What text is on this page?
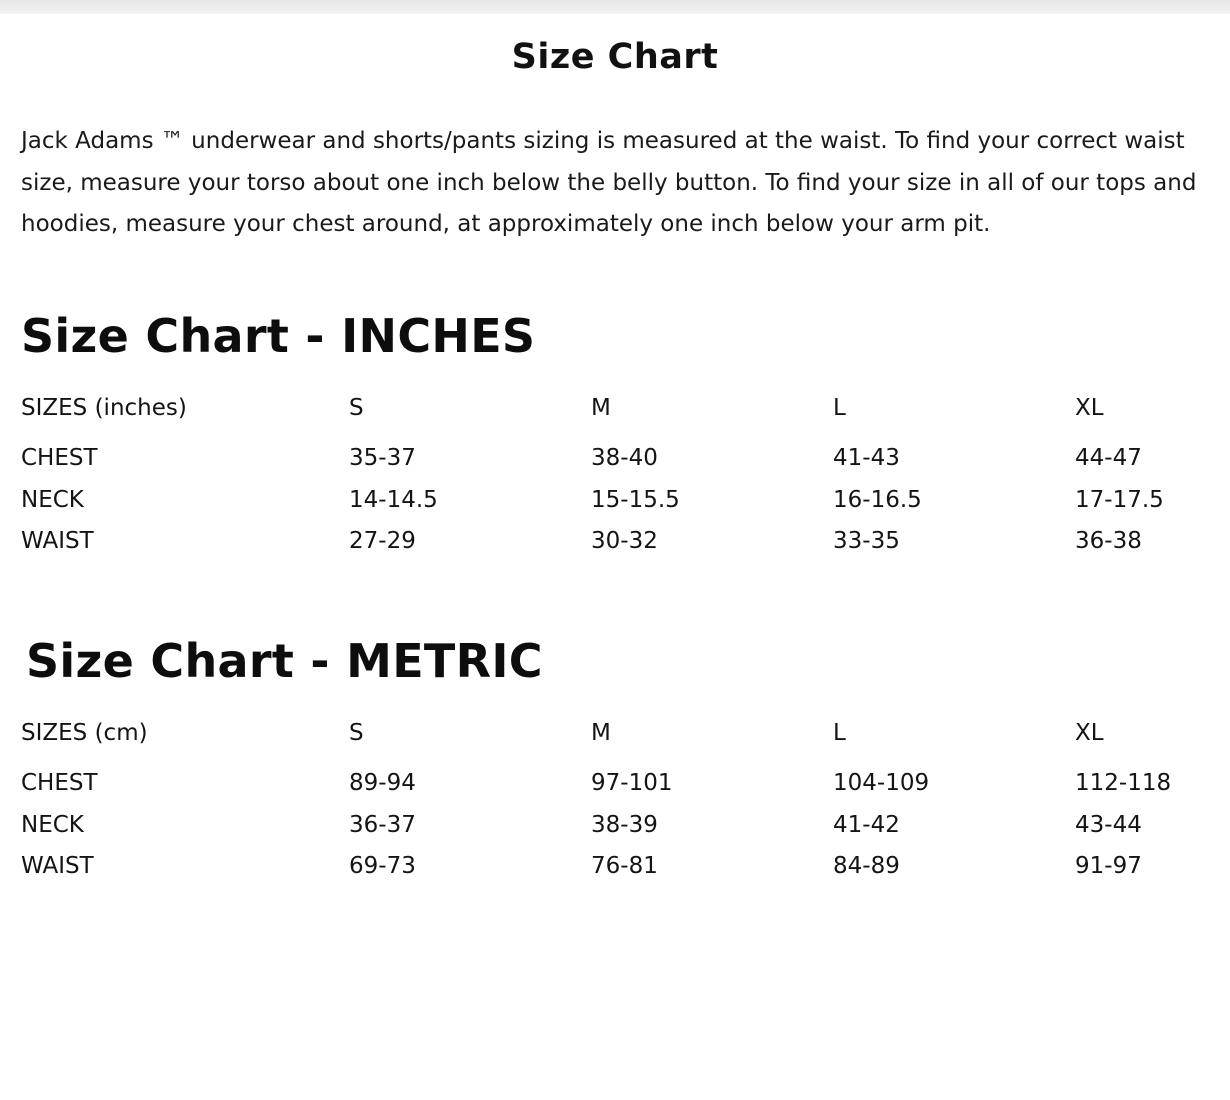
Size Chart

Jack Adams ™ underwear and shorts/pants sizing is measured at the waist. To find your correct waist size, measure your torso about one inch below the belly button. To find your size in all of our tops and hoodies, measure your chest around, at approximately one inch below your arm pit.

Size Chart - INCHES
SIZES (inches)	S	M	L	XL
CHEST	35-37	38-40	41-43	44-47
NECK	14-14.5	15-15.5	16-16.5	17-17.5
WAIST	27-29	30-32	33-35	36-38
Size Chart - METRIC
SIZES (cm)	S	M	L	XL
CHEST	89-94	97-101	104-109	112-118
NECK	36-37	38-39	41-42	43-44
WAIST	69-73	76-81	84-89	91-97
